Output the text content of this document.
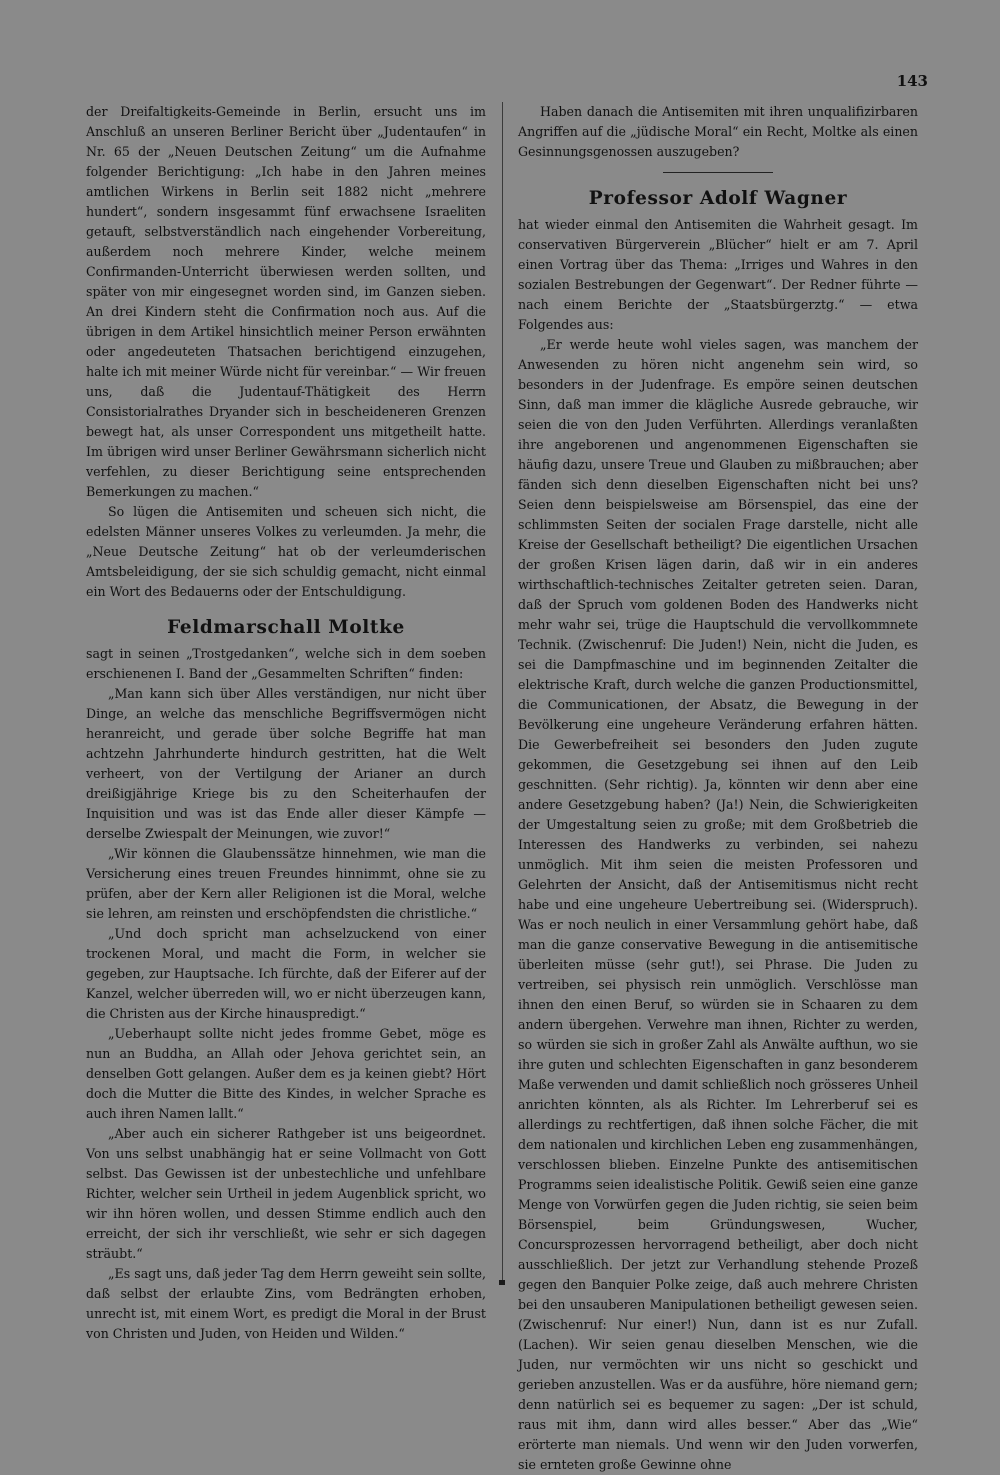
143

der Dreifaltigkeits-Gemeinde in Berlin, ersucht uns im Anschluß an unseren Berliner Bericht über „Judentaufen“ in Nr. 65 der „Neuen Deutschen Zeitung“ um die Aufnahme folgender Berichtigung: „Ich habe in den Jahren meines amtlichen Wirkens in Berlin seit 1882 nicht „mehrere hundert“, sondern insgesammt fünf erwachsene Israeliten getauft, selbstverständlich nach eingehender Vorbereitung, außerdem noch mehrere Kinder, welche meinem Confirmanden-Unterricht überwiesen werden sollten, und später von mir eingesegnet worden sind, im Ganzen sieben. An drei Kindern steht die Confirmation noch aus. Auf die übrigen in dem Artikel hinsichtlich meiner Person erwähnten oder angedeuteten Thatsachen berichtigend einzugehen, halte ich mit meiner Würde nicht für vereinbar.“ — Wir freuen uns, daß die Judentauf-Thätigkeit des Herrn Consistorialrathes Dryander sich in bescheideneren Grenzen bewegt hat, als unser Correspondent uns mitgetheilt hatte. Im übrigen wird unser Berliner Gewährsmann sicherlich nicht verfehlen, zu dieser Berichtigung seine entsprechenden Bemerkungen zu machen.“

So lügen die Antisemiten und scheuen sich nicht, die edelsten Männer unseres Volkes zu verleumden. Ja mehr, die „Neue Deutsche Zeitung“ hat ob der verleumderischen Amtsbeleidigung, der sie sich schuldig gemacht, nicht einmal ein Wort des Bedauerns oder der Entschuldigung.

Feldmarschall Moltke

sagt in seinen „Trostgedanken“, welche sich in dem soeben erschienenen I. Band der „Gesammelten Schriften“ finden:

„Man kann sich über Alles verständigen, nur nicht über Dinge, an welche das menschliche Begriffsvermögen nicht heranreicht, und gerade über solche Begriffe hat man achtzehn Jahrhunderte hindurch gestritten, hat die Welt verheert, von der Vertilgung der Arianer an durch dreißigjährige Kriege bis zu den Scheiterhaufen der Inquisition und was ist das Ende aller dieser Kämpfe — derselbe Zwiespalt der Meinungen, wie zuvor!“

„Wir können die Glaubenssätze hinnehmen, wie man die Versicherung eines treuen Freundes hinnimmt, ohne sie zu prüfen, aber der Kern aller Religionen ist die Moral, welche sie lehren, am reinsten und erschöpfendsten die christliche.“

„Und doch spricht man achselzuckend von einer trockenen Moral, und macht die Form, in welcher sie gegeben, zur Hauptsache. Ich fürchte, daß der Eiferer auf der Kanzel, welcher überreden will, wo er nicht überzeugen kann, die Christen aus der Kirche hinauspredigt.“

„Ueberhaupt sollte nicht jedes fromme Gebet, möge es nun an Buddha, an Allah oder Jehova gerichtet sein, an denselben Gott gelangen. Außer dem es ja keinen giebt? Hört doch die Mutter die Bitte des Kindes, in welcher Sprache es auch ihren Namen lallt.“

„Aber auch ein sicherer Rathgeber ist uns beigeordnet. Von uns selbst unabhängig hat er seine Vollmacht von Gott selbst. Das Gewissen ist der unbestechliche und unfehlbare Richter, welcher sein Urtheil in jedem Augenblick spricht, wo wir ihn hören wollen, und dessen Stimme endlich auch den erreicht, der sich ihr verschließt, wie sehr er sich dagegen sträubt.“

„Es sagt uns, daß jeder Tag dem Herrn geweiht sein sollte, daß selbst der erlaubte Zins, vom Bedrängten erhoben, unrecht ist, mit einem Wort, es predigt die Moral in der Brust von Christen und Juden, von Heiden und Wilden.“

Haben danach die Antisemiten mit ihren unqualifizirbaren Angriffen auf die „jüdische Moral“ ein Recht, Moltke als einen Gesinnungsgenossen auszugeben?

Professor Adolf Wagner

hat wieder einmal den Antisemiten die Wahrheit gesagt. Im conservativen Bürgerverein „Blücher“ hielt er am 7. April einen Vortrag über das Thema: „Irriges und Wahres in den sozialen Bestrebungen der Gegenwart“. Der Redner führte — nach einem Berichte der „Staatsbürgerztg.“ — etwa Folgendes aus:

„Er werde heute wohl vieles sagen, was manchem der Anwesenden zu hören nicht angenehm sein wird, so besonders in der Judenfrage. Es empöre seinen deutschen Sinn, daß man immer die klägliche Ausrede gebrauche, wir seien die von den Juden Verführten. Allerdings veranlaßten ihre angeborenen und angenommenen Eigenschaften sie häufig dazu, unsere Treue und Glauben zu mißbrauchen; aber fänden sich denn dieselben Eigenschaften nicht bei uns? Seien denn beispielsweise am Börsenspiel, das eine der schlimmsten Seiten der socialen Frage darstelle, nicht alle Kreise der Gesellschaft betheiligt? Die eigentlichen Ursachen der großen Krisen lägen darin, daß wir in ein anderes wirthschaftlich-technisches Zeitalter getreten seien. Daran, daß der Spruch vom goldenen Boden des Handwerks nicht mehr wahr sei, trüge die Hauptschuld die vervollkommnete Technik. (Zwischenruf: Die Juden!) Nein, nicht die Juden, es sei die Dampfmaschine und im beginnenden Zeitalter die elektrische Kraft, durch welche die ganzen Productionsmittel, die Communicationen, der Absatz, die Bewegung in der Bevölkerung eine ungeheure Veränderung erfahren hätten. Die Gewerbefreiheit sei besonders den Juden zugute gekommen, die Gesetzgebung sei ihnen auf den Leib geschnitten. (Sehr richtig). Ja, könnten wir denn aber eine andere Gesetzgebung haben? (Ja!) Nein, die Schwierigkeiten der Umgestaltung seien zu große; mit dem Großbetrieb die Interessen des Handwerks zu verbinden, sei nahezu unmöglich. Mit ihm seien die meisten Professoren und Gelehrten der Ansicht, daß der Antisemitismus nicht recht habe und eine ungeheure Uebertreibung sei. (Widerspruch). Was er noch neulich in einer Versammlung gehört habe, daß man die ganze conservative Bewegung in die antisemitische überleiten müsse (sehr gut!), sei Phrase. Die Juden zu vertreiben, sei physisch rein unmöglich. Verschlösse man ihnen den einen Beruf, so würden sie in Schaaren zu dem andern übergehen. Verwehre man ihnen, Richter zu werden, so würden sie sich in großer Zahl als Anwälte aufthun, wo sie ihre guten und schlechten Eigenschaften in ganz besonderem Maße verwenden und damit schließlich noch grösseres Unheil anrichten könnten, als als Richter. Im Lehrerberuf sei es allerdings zu rechtfertigen, daß ihnen solche Fächer, die mit dem nationalen und kirchlichen Leben eng zusammenhängen, verschlossen blieben. Einzelne Punkte des antisemitischen Programms seien idealistische Politik. Gewiß seien eine ganze Menge von Vorwürfen gegen die Juden richtig, sie seien beim Börsenspiel, beim Gründungswesen, Wucher, Concursprozessen hervorragend betheiligt, aber doch nicht ausschließlich. Der jetzt zur Verhandlung stehende Prozeß gegen den Banquier Polke zeige, daß auch mehrere Christen bei den unsauberen Manipulationen betheiligt gewesen seien. (Zwischenruf: Nur einer!) Nun, dann ist es nur Zufall. (Lachen). Wir seien genau dieselben Menschen, wie die Juden, nur vermöchten wir uns nicht so geschickt und gerieben anzustellen. Was er da ausführe, höre niemand gern; denn natürlich sei es bequemer zu sagen: „Der ist schuld, raus mit ihm, dann wird alles besser.“ Aber das „Wie“ erörterte man niemals. Und wenn wir den Juden vorwerfen, sie ernteten große Gewinne ohne
